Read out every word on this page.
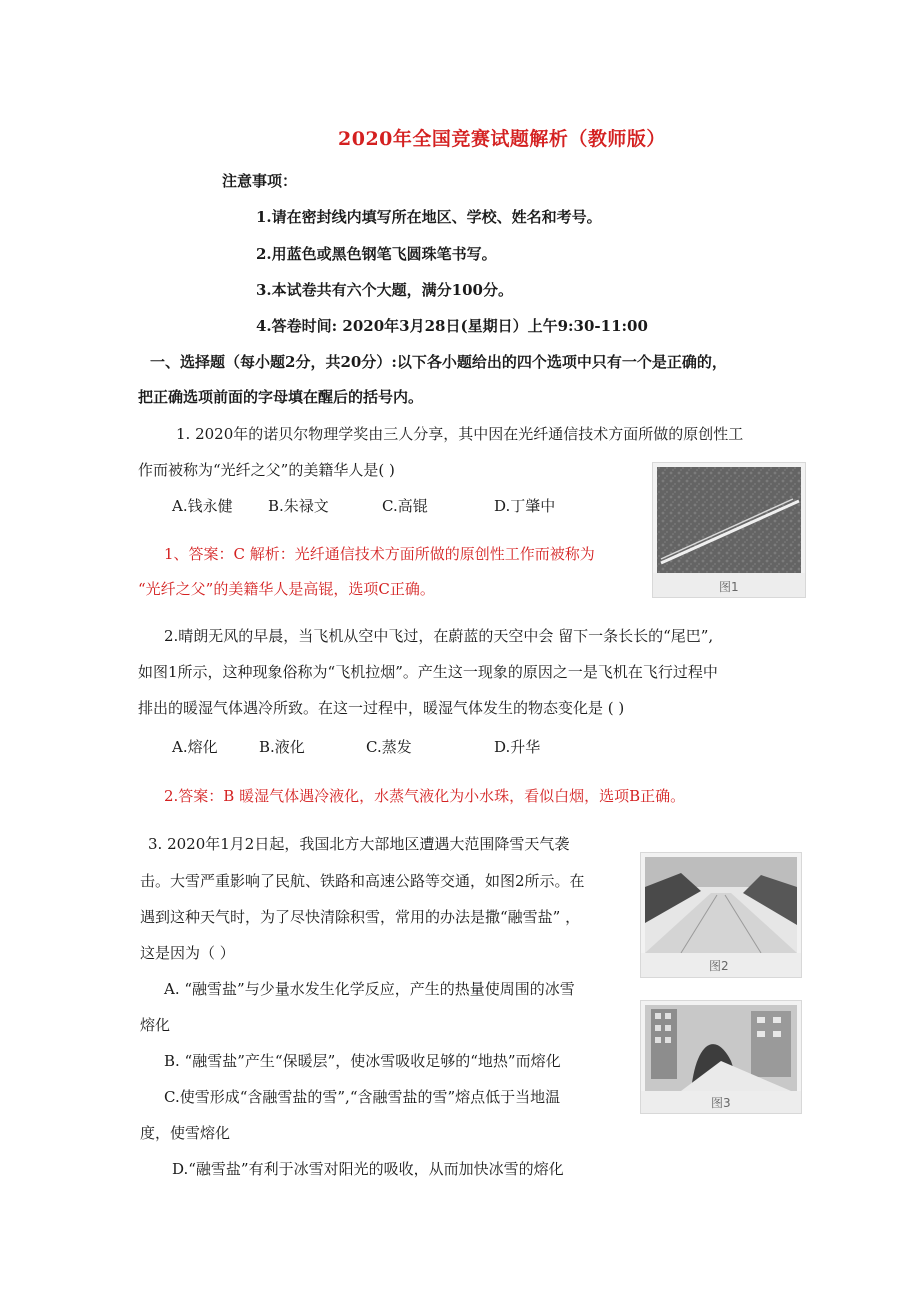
2020年全国竞赛试题解析（教师版）
注意事项：
1.请在密封线内填写所在地区、学校、姓名和考号。
2.用蓝色或黑色钢笔飞圆珠笔书写。
3.本试卷共有六个大题，满分100分。
4.答卷时间: 2020年3月28日(星期日）上午9:30-11:00
一、选择题（每小题2分，共20分）:以下各小题给出的四个选项中只有一个是正确的，
把正确选项前面的字母填在醒后的括号内。
1. 2020年的诺贝尔物理学奖由三人分享，其中因在光纤通信技术方面所做的原创性工
作而被称为“光纤之父”的美籍华人是( )
A.钱永健 B.朱禄文	C.高锟	D.丁肇中
1、答案：C 解析：光纤通信技术方面所做的原创性工作而被称为
“光纤之父”的美籍华人是高锟，选项C正确。	图1
2.晴朗无风的早晨，当飞机从空中飞过，在蔚蓝的天空中会 留下一条长长的“尾巴”,
如图1所示，这种现象俗称为“飞机拉烟”。产生这一现象的原因之一是飞机在飞行过程中
排出的暖湿气体遇冷所致。在这一过程中，暖湿气体发生的物态变化是 ( )
A.熔化	B.液化	C.蒸发	D.升华
2.答案：B 暖湿气体遇冷液化，水蒸气液化为小水珠，看似白烟，选项B正确。
3. 2020年1月2日起，我国北方大部地区遭遇大范围降雪天气袭
击。大雪严重影响了民航、铁路和高速公路等交通，如图2所示。在
遇到这种天气时，为了尽快清除积雪，常用的办法是撒“融雪盐” ，
这是因为（ ）
A. “融雪盐”与少量水发生化学反应，产生的热量使周围的冰雪
熔化
B. “融雪盐”产生“保暖层”，使冰雪吸收足够的“地热”而熔化
C.使雪形成“含融雪盐的雪”,“含融雪盐的雪”熔点低于当地温
度，使雪熔化
D.“融雪盐”有利于冰雪对阳光的吸收，从而加快冰雪的熔化
图2
图3
